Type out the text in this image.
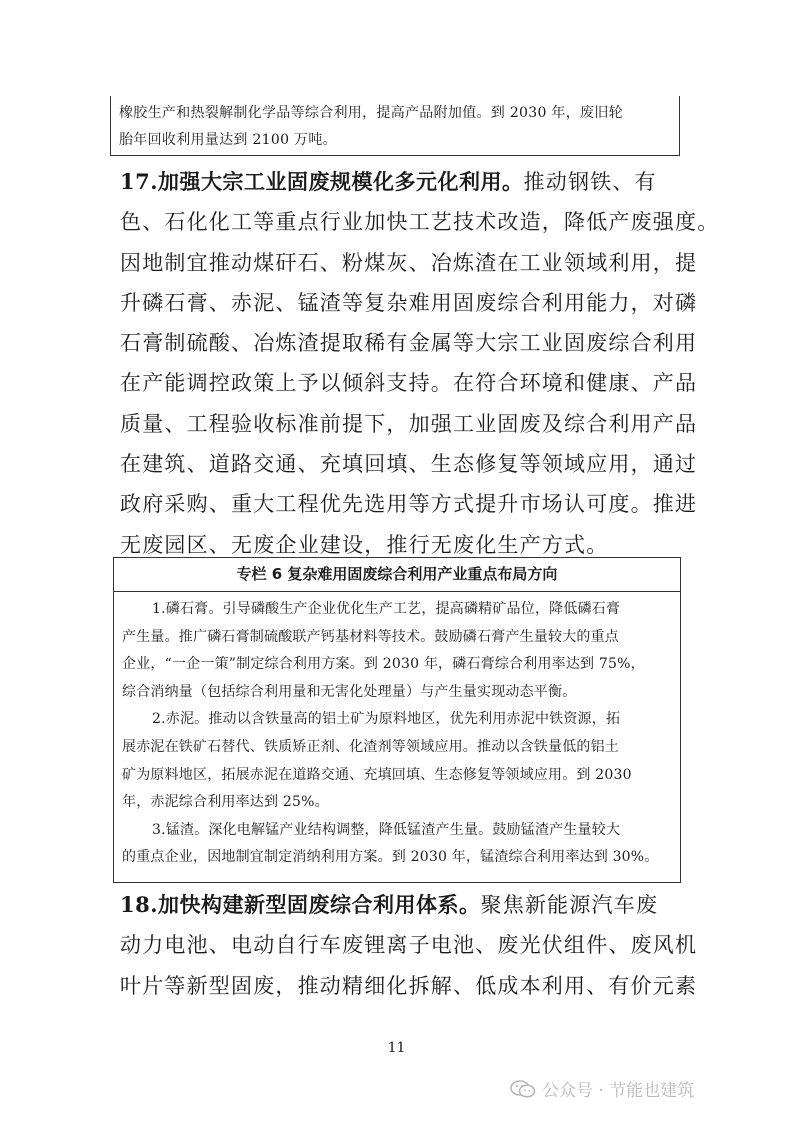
橡胶生产和热裂解制化学品等综合利用，提高产品附加值。到 2030 年，废旧轮
胎年回收利用量达到 2100 万吨。
17.加强大宗工业固废规模化多元化利用。推动钢铁、有
色、石化化工等重点行业加快工艺技术改造，降低产废强度。
因地制宜推动煤矸石、粉煤灰、冶炼渣在工业领域利用，提
升磷石膏、赤泥、锰渣等复杂难用固废综合利用能力，对磷
石膏制硫酸、冶炼渣提取稀有金属等大宗工业固废综合利用
在产能调控政策上予以倾斜支持。在符合环境和健康、产品
质量、工程验收标准前提下，加强工业固废及综合利用产品
在建筑、道路交通、充填回填、生态修复等领域应用，通过
政府采购、重大工程优先选用等方式提升市场认可度。推进
无废园区、无废企业建设，推行无废化生产方式。
专栏 6 复杂难用固废综合利用产业重点布局方向
1.磷石膏。引导磷酸生产企业优化生产工艺，提高磷精矿品位，降低磷石膏
产生量。推广磷石膏制硫酸联产钙基材料等技术。鼓励磷石膏产生量较大的重点
企业，“一企一策”制定综合利用方案。到 2030 年，磷石膏综合利用率达到 75%，
综合消纳量（包括综合利用量和无害化处理量）与产生量实现动态平衡。
2.赤泥。推动以含铁量高的铝土矿为原料地区，优先利用赤泥中铁资源，拓
展赤泥在铁矿石替代、铁质矫正剂、化渣剂等领域应用。推动以含铁量低的铝土
矿为原料地区，拓展赤泥在道路交通、充填回填、生态修复等领域应用。到 2030
年，赤泥综合利用率达到 25%。
3.锰渣。深化电解锰产业结构调整，降低锰渣产生量。鼓励锰渣产生量较大
的重点企业，因地制宜制定消纳利用方案。到 2030 年，锰渣综合利用率达到 30%。
18.加快构建新型固废综合利用体系。聚焦新能源汽车废
动力电池、电动自行车废锂离子电池、废光伏组件、废风机
叶片等新型固废，推动精细化拆解、低成本利用、有价元素
11
公众号 · 节能也建筑
